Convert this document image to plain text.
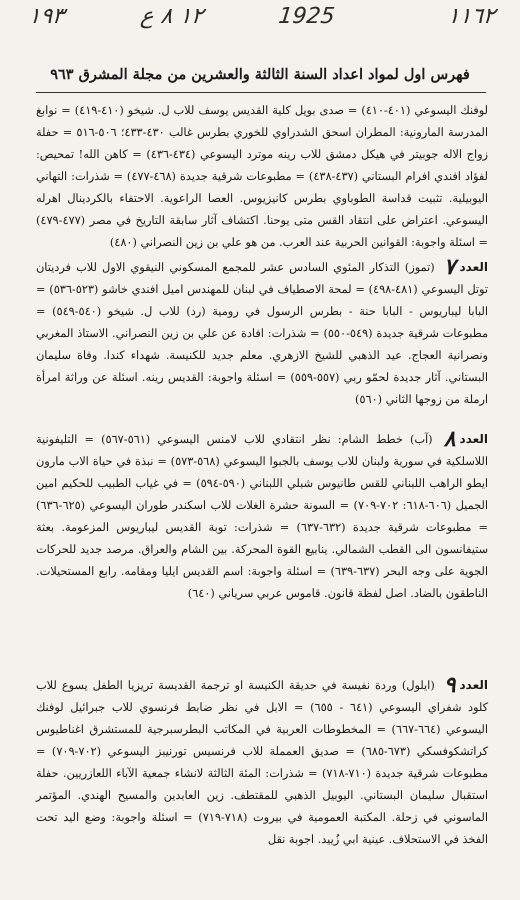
١١٦٢
1925
١٢ ٨ ع
١٩٣
فهرس اول لمواد اعداد السنة الثالثة والعشرين من مجلة المشرق ٩٦٣
لوفنك اليسوعي (٤٠١-٤١٠) = صدى بويل كلية القديس يوسف للاب ل. شيخو (٤١٠-٤١٩) = نوابغ المدرسة المارونية: المطران اسحق الشدراوي للخوري بطرس غالب ٤٣٠-٤٣٣؛ ٥٠٦-٥١٦ = حفلة زواج الاله جوبيتر في هيكل دمشق للاب رينه موترد اليسوعي (٤٣٤-٤٣٦) = كاهن الله! تمحيص: لفؤاد افندي افرام البستاني (٤٣٧-٤٣٨) = مطبوعات شرقية جديدة (٤٦٨-٤٧٧) = شذرات: التهاني اليوبيلية. تثبيت قداسة الطوباوي بطرس كانيزيوس. العصا الراعوية. الاحتفاء بالكردينال اهرله اليسوعي. اعتراض على انتقاد القس متى يوحنا. اكتشاف آثار سابقة التاريخ في مصر (٤٧٧-٤٧٩) = اسئلة واجوبة: القوانين الحربية عند العرب. من هو علي بن زين النصراني (٤٨٠)
العدد ٧ (تموز) التذكار المئوي السادس عشر للمجمع المسكوني النيقوي الاول للاب فرديتان توتل اليسوعي (٤٨١-٤٩٨) = لمحة الاصطياف في لبنان للمهندس اميل افندي خاشو (٥٢٣-٥٣٦) = البابا ليباريوس - البابا حنة - بطرس الرسول في رومية (رد) للاب ل. شيخو (٥٤٠-٥٤٩) = مطبوعات شرقية جديدة (٥٤٩-٥٥٠) = شذرات: افادة عن علي بن زين النصراني. الاستاذ المغربي ونصرانية العجاج. عيد الذهبي للشيخ الازهري. معلم جديد للكنيسة. شهداء كندا. وفاة سليمان البستاني. آثار جديدة لحمّو ربي (٥٥٧-٥٥٩) = اسئلة واجوبة: القديس رينه. اسئلة عن وراثة امرأة ارملة من زوجها الثاني (٥٦٠)
العدد ٨ (آب) خطط الشام: نظر انتقادي للاب لامنس اليسوعي (٥٦١-٥٦٧) = التليفونية اللاسلكية في سورية ولبنان للاب يوسف بالجبوا اليسوعي (٥٦٨-٥٧٣) = نبذة في حياة الاب مارون ايطو الراهب اللبناني للقس طانيوس شبلي اللبناني (٥٩٠-٥٩٤) = في غياب الطبيب للحكيم امين الجميل (٦٠٦-٦١٨: ٧٠٢-٧٠٩) = السونة حشرة الغلات للاب اسكندر طوران اليسوعي (٦٢٥-٦٣٦) = مطبوعات شرقية جديدة (٦٣٢-٦٣٧) = شذرات: توبة القديس ليباريوس المزعومة. بعثة ستيفانسون الى القطب الشمالي. ينابيع القوة المحركة. بين الشام والعراق. مرصد جديد للحركات الجوية على وجه البحر (٦٣٧-٦٣٩) = اسئلة واجوبة: اسم القديس ايليا ومقامه. رابع المستحيلات. الناطقون بالضاد. اصل لفظة قانون. قاموس عربي سرياني (٦٤٠)
العدد ٩ (ايلول) وردة نفيسة في حديقة الكنيسة او ترجمة القديسة تريزيا الطفل يسوع للاب كلود شفراي اليسوعي (٦٤١ - ٦٥٥) = الابل في نظر ضابط فرنسوي للاب جبرائيل لوفنك اليسوعي (٦٦٤-٦٦٧) = المخطوطات العربية في المكاتب البطرسبرجية للمستشرق اغناطيوس كراتشكوفسكي (٦٧٣-٦٨٥) = صديق العمملة للاب فرنسيس تورنيبز اليسوعي (٧٠٢-٧٠٩) = مطبوعات شرقية جديدة (٧١٠-٧١٨) = شذرات: المئة الثالثة لانشاء جمعية الآباء اللعازريين. حفلة استقبال سليمان البستاني. اليوبيل الذهبي للمقتطف. زين العابدين والمسيح الهندي. المؤتمر الماسوني في زحلة. المكتبة العمومية في بيروت (٧١٨-٧١٩) = اسئلة واجوبة: وضع اليد تحت الفخذ في الاستحلاف. عينية ابي زُييد. اجوبة نقل
